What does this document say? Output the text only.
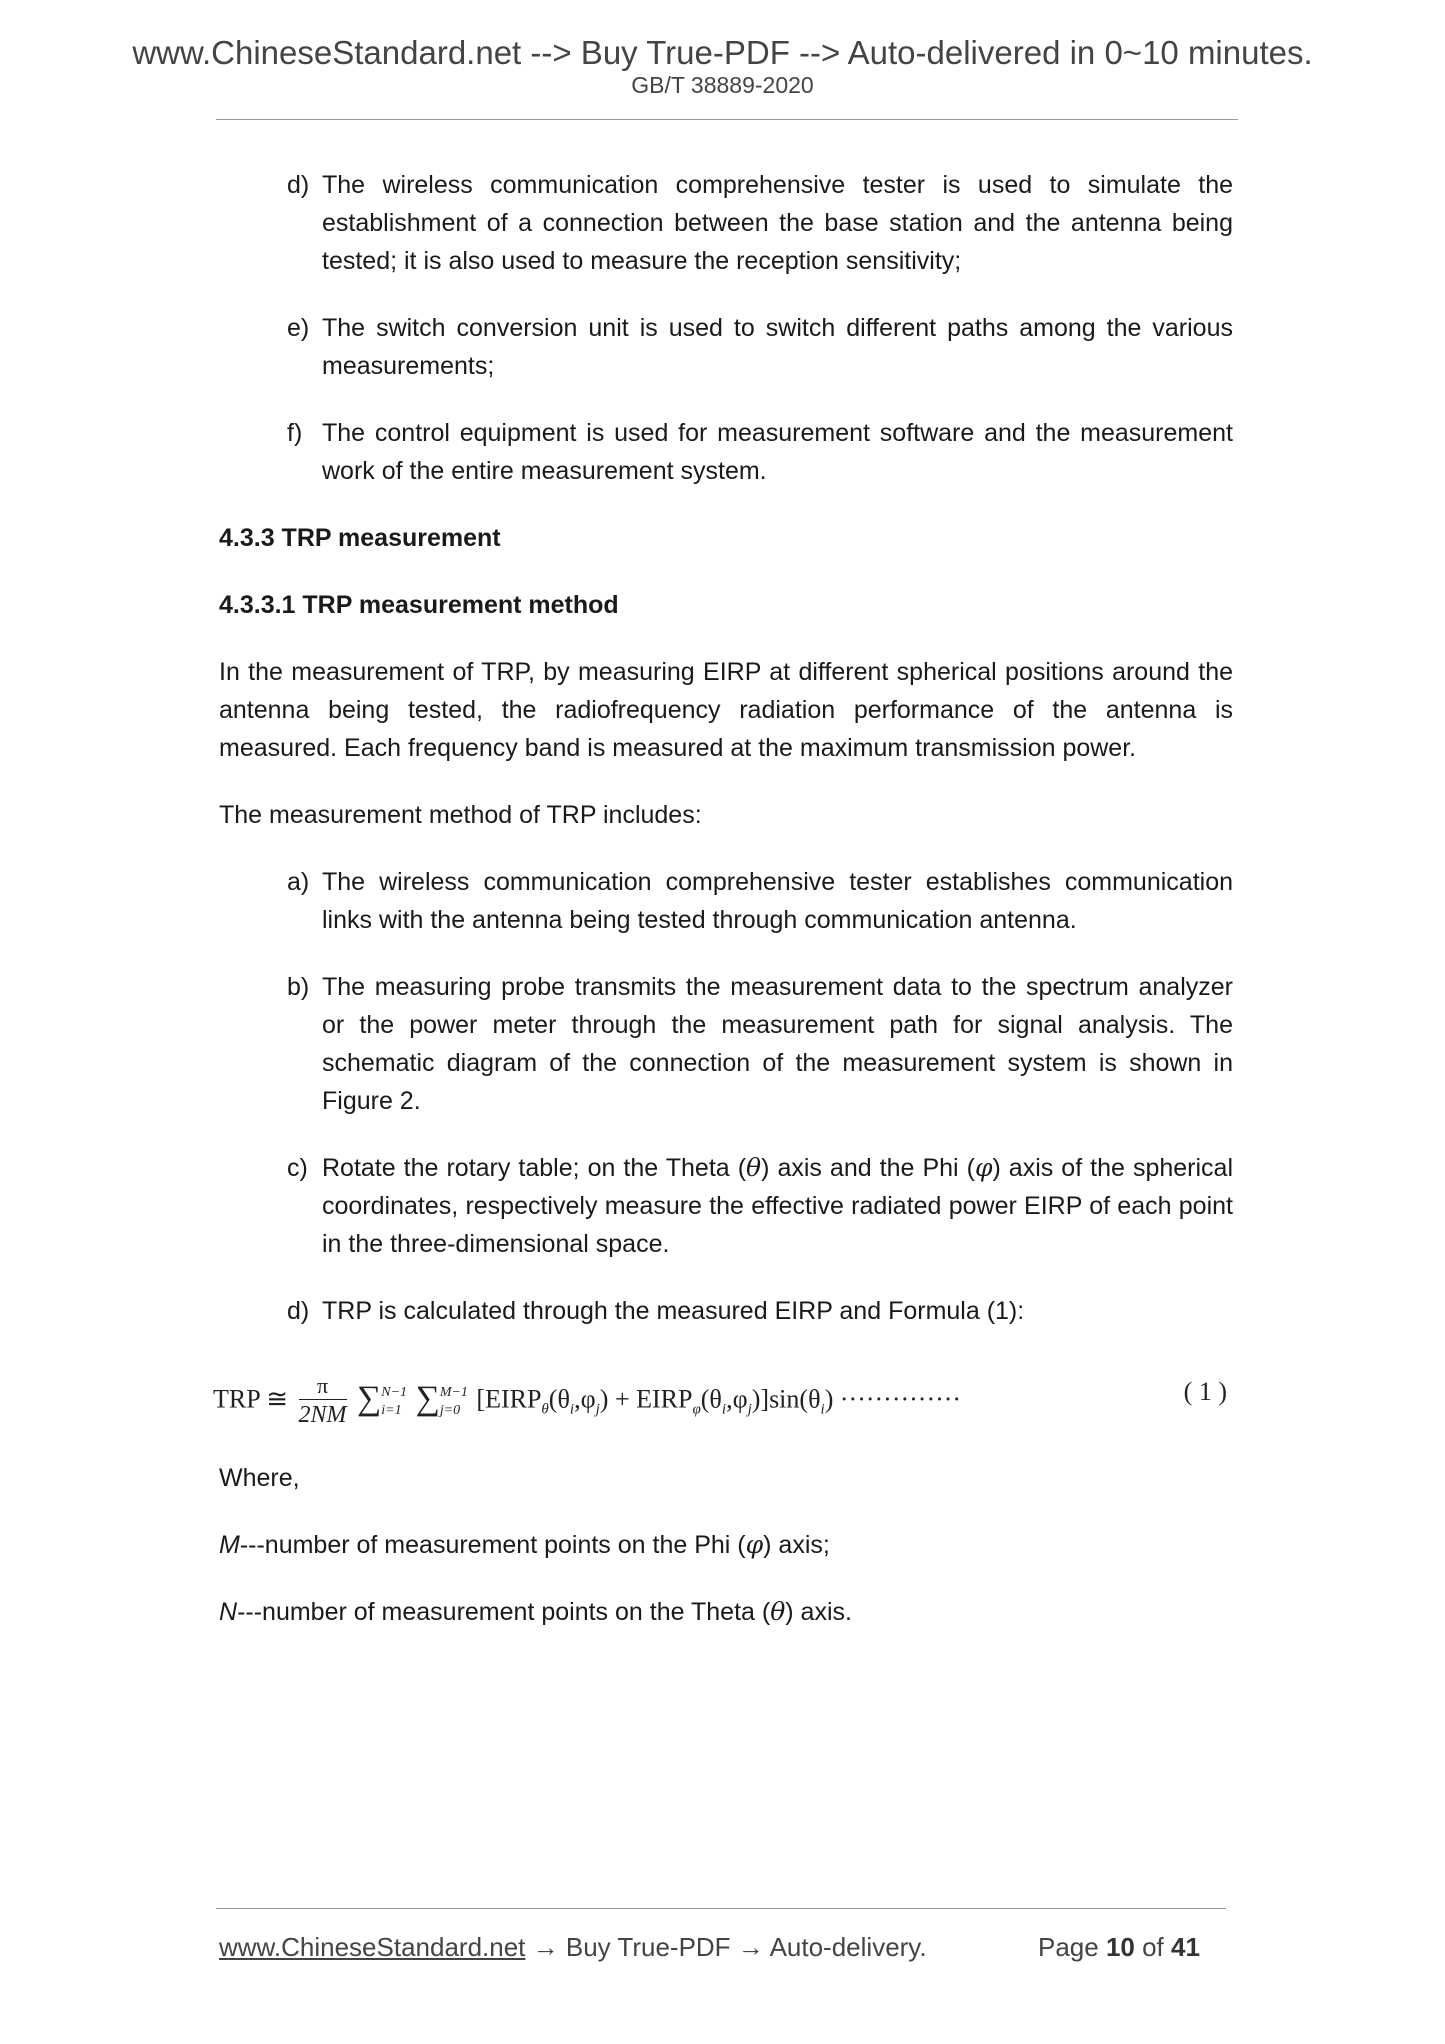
www.ChineseStandard.net --> Buy True-PDF --> Auto-delivered in 0~10 minutes.
GB/T 38889-2020
d) The wireless communication comprehensive tester is used to simulate the establishment of a connection between the base station and the antenna being tested; it is also used to measure the reception sensitivity;
e) The switch conversion unit is used to switch different paths among the various measurements;
f) The control equipment is used for measurement software and the measurement work of the entire measurement system.
4.3.3 TRP measurement
4.3.3.1 TRP measurement method
In the measurement of TRP, by measuring EIRP at different spherical positions around the antenna being tested, the radiofrequency radiation performance of the antenna is measured. Each frequency band is measured at the maximum transmission power.
The measurement method of TRP includes:
a) The wireless communication comprehensive tester establishes communication links with the antenna being tested through communication antenna.
b) The measuring probe transmits the measurement data to the spectrum analyzer or the power meter through the measurement path for signal analysis. The schematic diagram of the connection of the measurement system is shown in Figure 2.
c) Rotate the rotary table; on the Theta (θ) axis and the Phi (φ) axis of the spherical coordinates, respectively measure the effective radiated power EIRP of each point in the three-dimensional space.
d) TRP is calculated through the measured EIRP and Formula (1):
TRP ≅ $\frac{\pi}{2NM}$ ∑ N−1
i=1 ∑ M−1
j=0 [$EIRP_\theta(\theta_i,\varphi_j)$ + $EIRP_\varphi(\theta_i,\varphi_j)]\sin(\theta_i)$ ··············	( 1 )
Where,
M---number of measurement points on the Phi (φ) axis;
N---number of measurement points on the Theta (θ) axis.
www.ChineseStandard.net → Buy True-PDF → Auto-delivery.	Page 10 of 41
